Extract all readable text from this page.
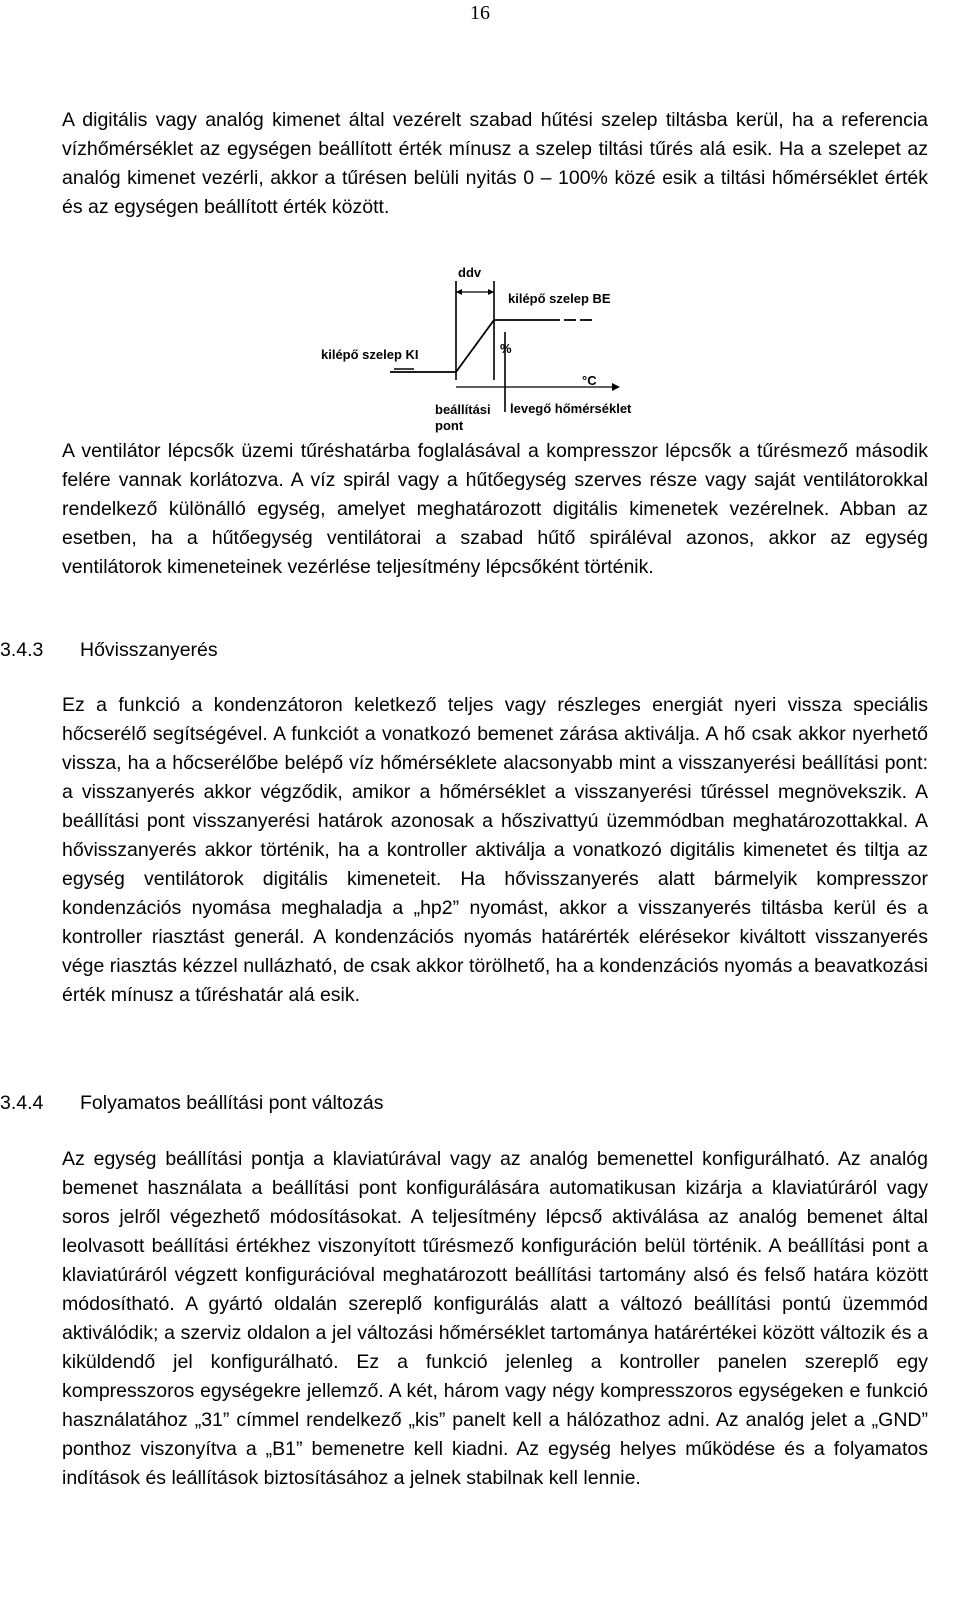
16

A digitális vagy analóg kimenet által vezérelt szabad hűtési szelep tiltásba kerül, ha a referencia vízhőmérséklet az egységen beállított érték mínusz a szelep tiltási tűrés alá esik. Ha a szelepet az analóg kimenet vezérli, akkor a tűrésen belüli nyitás 0 – 100% közé esik a tiltási hőmérséklet érték és az egységen beállított érték között.

ddv
%
°C
kilépő szelep BE
kilépő szelep KI
beállítási
pont
levegő hőmérséklet

A ventilátor lépcsők üzemi tűréshatárba foglalásával a kompresszor lépcsők a tűrésmező második felére vannak korlátozva. A víz spirál vagy a hűtőegység szerves része vagy saját ventilátorokkal rendelkező különálló egység, amelyet meghatározott digitális kimenetek vezérelnek. Abban az esetben, ha a hűtőegység ventilátorai a szabad hűtő spiráléval azonos, akkor az egység ventilátorok kimeneteinek vezérlése teljesítmény lépcsőként történik.

3.4.3 Hővisszanyerés

Ez a funkció a kondenzátoron keletkező teljes vagy részleges energiát nyeri vissza speciális hőcserélő segítségével. A funkciót a vonatkozó bemenet zárása aktiválja. A hő csak akkor nyerhető vissza, ha a hőcserélőbe belépő víz hőmérséklete alacsonyabb mint a visszanyerési beállítási pont: a visszanyerés akkor végződik, amikor a hőmérséklet a visszanyerési tűréssel megnövekszik. A beállítási pont visszanyerési határok azonosak a hőszivattyú üzemmódban meghatározottakkal. A hővisszanyerés akkor történik, ha a kontroller aktiválja a vonatkozó digitális kimenetet és tiltja az egység ventilátorok digitális kimeneteit. Ha hővisszanyerés alatt bármelyik kompresszor kondenzációs nyomása meghaladja a „hp2” nyomást, akkor a visszanyerés tiltásba kerül és a kontroller riasztást generál. A kondenzációs nyomás határérték elérésekor kiváltott visszanyerés vége riasztás kézzel nullázható, de csak akkor törölhető, ha a kondenzációs nyomás a beavatkozási érték mínusz a tűréshatár alá esik.

3.4.4 Folyamatos beállítási pont változás

Az egység beállítási pontja a klaviatúrával vagy az analóg bemenettel konfigurálható. Az analóg bemenet használata a beállítási pont konfigurálására automatikusan kizárja a klaviatúráról vagy soros jelről végezhető módosításokat. A teljesítmény lépcső aktiválása az analóg bemenet által leolvasott beállítási értékhez viszonyított tűrésmező konfiguráción belül történik. A beállítási pont a klaviatúráról végzett konfigurációval meghatározott beállítási tartomány alsó és felső határa között módosítható. A gyártó oldalán szereplő konfigurálás alatt a változó beállítási pontú üzemmód aktiválódik; a szerviz oldalon a jel változási hőmérséklet tartománya határértékei között változik és a kiküldendő jel konfigurálható. Ez a funkció jelenleg a kontroller panelen szereplő egy kompresszoros egységekre jellemző. A két, három vagy négy kompresszoros egységeken e funkció használatához „31” címmel rendelkező „kis” panelt kell a hálózathoz adni. Az analóg jelet a „GND” ponthoz viszonyítva a „B1” bemenetre kell kiadni. Az egység helyes működése és a folyamatos indítások és leállítások biztosításához a jelnek stabilnak kell lennie.
